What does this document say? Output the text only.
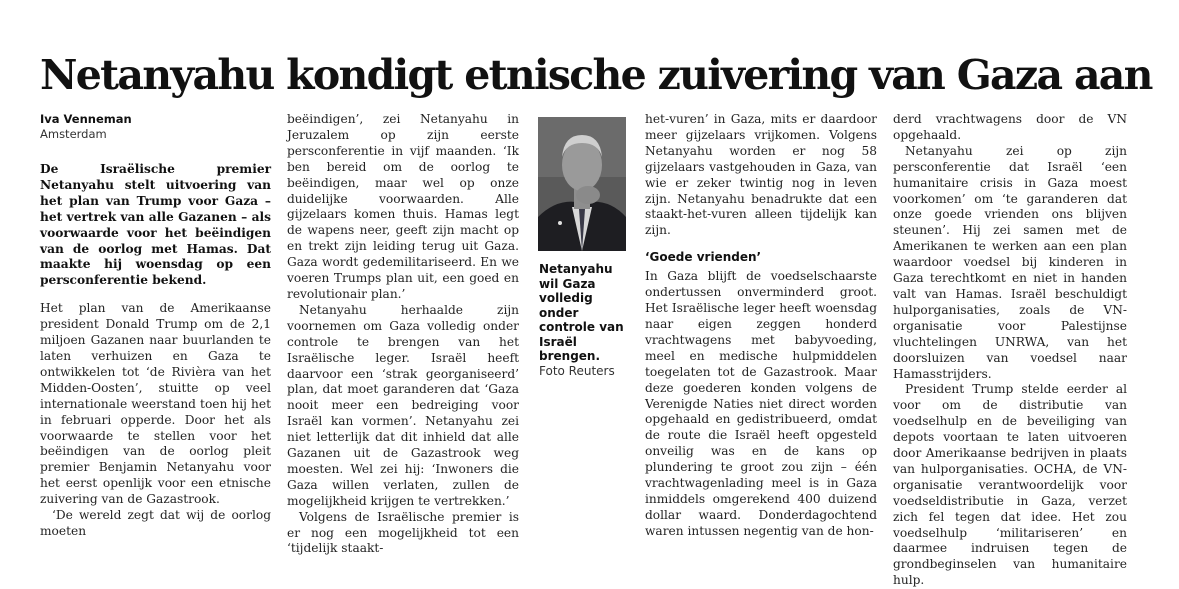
Netanyahu kondigt etnische zuivering van Gaza aan
Iva Venneman
Amsterdam

De Israëlische premier Netanyahu stelt uitvoering van het plan van Trump voor Gaza – het vertrek van alle Gazanen – als voorwaarde voor het beëindigen van de oorlog met Hamas. Dat maakte hij woensdag op een persconferentie bekend.

Het plan van de Amerikaanse president Donald Trump om de 2,1 miljoen Gazanen naar buurlanden te laten verhuizen en Gaza te ontwikkelen tot ‘de Rivièra van het Midden-Oosten’, stuitte op veel internationale weerstand toen hij het in februari opperde. Door het als voorwaarde te stellen voor het beëindigen van de oorlog pleit premier Benjamin Netanyahu voor het eerst openlijk voor een etnische zuivering van de Gazastrook.

‘De wereld zegt dat wij de oorlog moeten

beëindigen’, zei Netanyahu in Jeruzalem op zijn eerste persconferentie in vijf maanden. ‘Ik ben bereid om de oorlog te beëindigen, maar wel op onze duidelijke voorwaarden. Alle gijzelaars komen thuis. Hamas legt de wapens neer, geeft zijn macht op en trekt zijn leiding terug uit Gaza. Gaza wordt gedemilitariseerd. En we voeren Trumps plan uit, een goed en revolutionair plan.’

Netanyahu herhaalde zijn voornemen om Gaza volledig onder controle te brengen van het Israëlische leger. Israël heeft daarvoor een ‘strak georganiseerd’ plan, dat moet garanderen dat ‘Gaza nooit meer een bedreiging voor Israël kan vormen’. Netanyahu zei niet letterlijk dat dit inhield dat alle Gazanen uit de Gazastrook weg moesten. Wel zei hij: ‘Inwoners die Gaza willen verlaten, zullen de mogelijkheid krijgen te vertrekken.’

Volgens de Israëlische premier is er nog een mogelijkheid tot een ‘tijdelijk staakt-

Netanyahu wil Gaza volledig onder controle van Israël brengen.
Foto Reuters

het-vuren’ in Gaza, mits er daardoor meer gijzelaars vrijkomen. Volgens Netanyahu worden er nog 58 gijzelaars vastgehouden in Gaza, van wie er zeker twintig nog in leven zijn. Netanyahu benadrukte dat een staakt-het-vuren alleen tijdelijk kan zijn.

‘Goede vrienden’

In Gaza blijft de voedselschaarste ondertussen onverminderd groot. Het Israëlische leger heeft woensdag naar eigen zeggen honderd vrachtwagens met babyvoeding, meel en medische hulpmiddelen toegelaten tot de Gazastrook. Maar deze goederen konden volgens de Verenigde Naties niet direct worden opgehaald en gedistribueerd, omdat de route die Israël heeft opgesteld onveilig was en de kans op plundering te groot zou zijn – één vrachtwagenlading meel is in Gaza inmiddels omgerekend 400 duizend dollar waard. Donderdagochtend waren intussen negentig van de hon-

derd vrachtwagens door de VN opgehaald.

Netanyahu zei op zijn persconferentie dat Israël ‘een humanitaire crisis in Gaza moest voorkomen’ om ‘te garanderen dat onze goede vrienden ons blijven steunen’. Hij zei samen met de Amerikanen te werken aan een plan waardoor voedsel bij kinderen in Gaza terechtkomt en niet in handen valt van Hamas. Israël beschuldigt hulporganisaties, zoals de VN-organisatie voor Palestijnse vluchtelingen UNRWA, van het doorsluizen van voedsel naar Hamasstrijders.

President Trump stelde eerder al voor om de distributie van voedselhulp en de beveiliging van depots voortaan te laten uitvoeren door Amerikaanse bedrijven in plaats van hulporganisaties. OCHA, de VN-organisatie verantwoordelijk voor voedseldistributie in Gaza, verzet zich fel tegen dat idee. Het zou voedselhulp ‘militariseren’ en daarmee indruisen tegen de grondbeginselen van humanitaire hulp.
